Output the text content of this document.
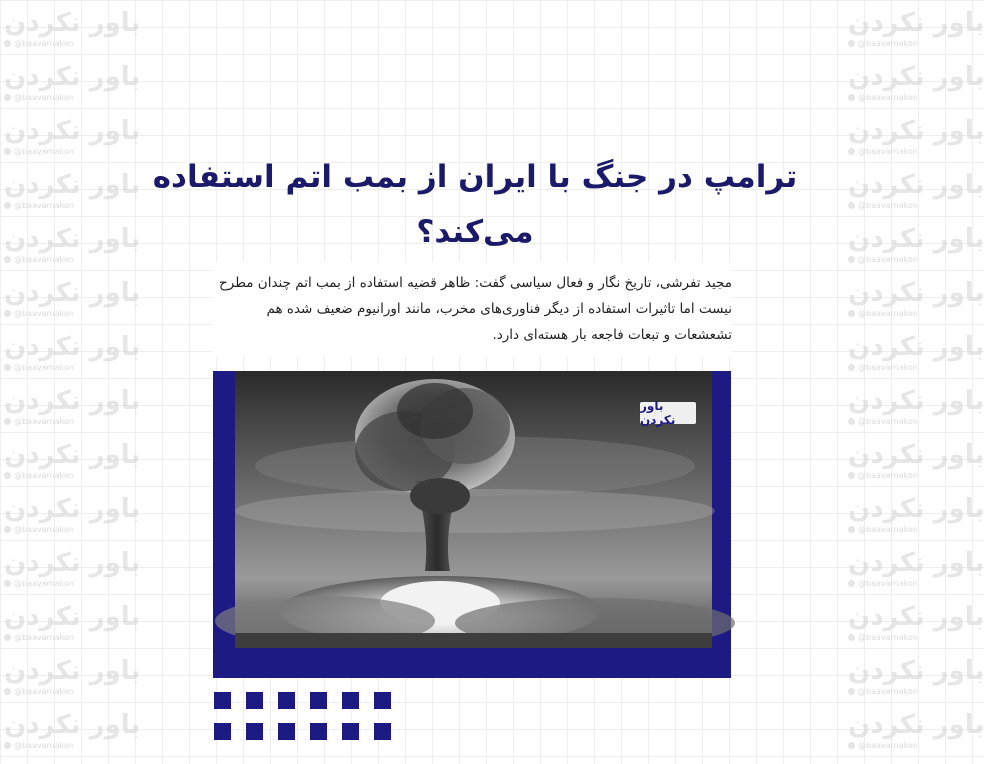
باور نکردن
@baavarnakon
باور نکردن
@baavarnakon
باور نکردن
@baavarnakon
باور نکردن
@baavarnakon
باور نکردن
@baavarnakon
باور نکردن
@baavarnakon
باور نکردن
@baavarnakon
باور نکردن
@baavarnakon
باور نکردن
@baavarnakon
باور نکردن
@baavarnakon
باور نکردن
@baavarnakon
باور نکردن
@baavarnakon
باور نکردن
@baavarnakon
باور نکردن
@baavarnakon
باور نکردن
@baavarnakon
باور نکردن
@baavarnakon
باور نکردن
@baavarnakon
باور نکردن
@baavarnakon
باور نکردن
@baavarnakon
باور نکردن
@baavarnakon
باور نکردن
@baavarnakon
باور نکردن
@baavarnakon
باور نکردن
@baavarnakon
باور نکردن
@baavarnakon
باور نکردن
@baavarnakon
باور نکردن
@baavarnakon
باور نکردن
@baavarnakon
باور نکردن
@baavarnakon
ترامپ در جنگ با ایران از بمب اتم استفاده می‌کند؟

مجید تفرشی، تاریخ نگار و فعال سیاسی گفت: ظاهر قضیه استفاده از بمب اتم چندان مطرح نیست اما تاثیرات استفاده از دیگر فناوری‌های مخرب، مانند اورانیوم ضعیف شده هم تشعشعات و تبعات فاجعه بار هسته‌ای دارد.

باور نکردن
